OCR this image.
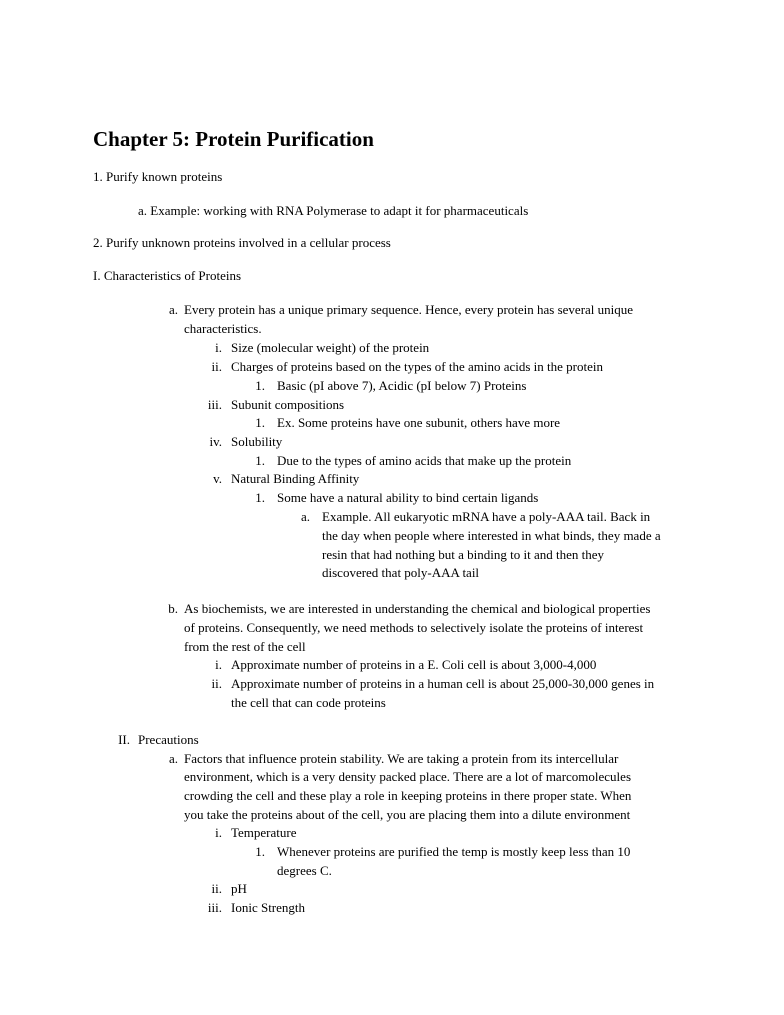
Chapter 5: Protein Purification
1. Purify known proteins
a. Example: working with RNA Polymerase to adapt it for pharmaceuticals
2. Purify unknown proteins involved in a cellular process
I. Characteristics of Proteins
a. Every protein has a unique primary sequence. Hence, every protein has several unique
characteristics.
i. Size (molecular weight) of the protein
ii. Charges of proteins based on the types of the amino acids in the protein
1. Basic (pI above 7), Acidic (pI below 7) Proteins
iii. Subunit compositions
1. Ex. Some proteins have one subunit, others have more
iv. Solubility
1. Due to the types of amino acids that make up the protein
v. Natural Binding Affinity
1. Some have a natural ability to bind certain ligands
a. Example. All eukaryotic mRNA have a poly-AAA tail. Back in
the day when people where interested in what binds, they made a
resin that had nothing but a binding to it and then they
discovered that poly-AAA tail
b. As biochemists, we are interested in understanding the chemical and biological properties
of proteins. Consequently, we need methods to selectively isolate the proteins of interest
from the rest of the cell
i. Approximate number of proteins in a E. Coli cell is about 3,000-4,000
ii. Approximate number of proteins in a human cell is about 25,000-30,000 genes in
the cell that can code proteins
II. Precautions
a. Factors that influence protein stability. We are taking a protein from its intercellular
environment, which is a very density packed place. There are a lot of marcomolecules
crowding the cell and these play a role in keeping proteins in there proper state. When
you take the proteins about of the cell, you are placing them into a dilute environment
i. Temperature
1. Whenever proteins are purified the temp is mostly keep less than 10
degrees C.
ii. pH
iii. Ionic Strength
